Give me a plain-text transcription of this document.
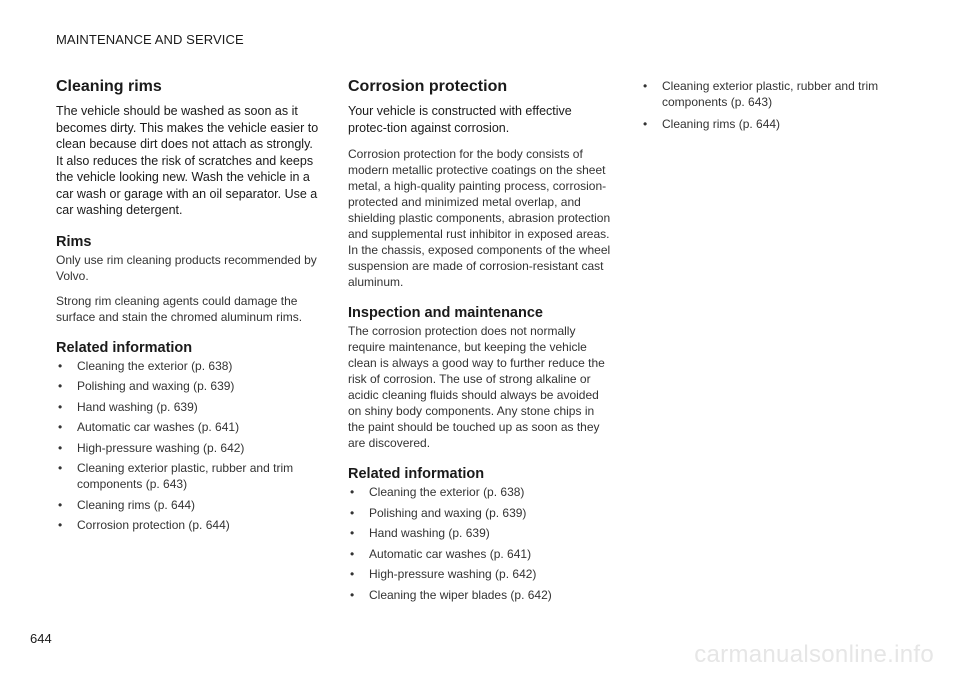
MAINTENANCE AND SERVICE
Cleaning rims

The vehicle should be washed as soon as it becomes dirty. This makes the vehicle easier to clean because dirt does not attach as strongly. It also reduces the risk of scratches and keeps the vehicle looking new. Wash the vehicle in a car wash or garage with an oil separator. Use a car washing detergent.

Rims

Only use rim cleaning products recommended by Volvo.

Strong rim cleaning agents could damage the surface and stain the chromed aluminum rims.

Related information
• Cleaning the exterior (p. 638)
• Polishing and waxing (p. 639)
• Hand washing (p. 639)
• Automatic car washes (p. 641)
• High-pressure washing (p. 642)
• Cleaning exterior plastic, rubber and trim components (p. 643)
• Cleaning rims (p. 644)
• Corrosion protection (p. 644)
Corrosion protection

Your vehicle is constructed with effective protec-tion against corrosion.

Corrosion protection for the body consists of modern metallic protective coatings on the sheet metal, a high-quality painting process, corrosion-protected and minimized metal overlap, and shielding plastic components, abrasion protection and supplemental rust inhibitor in exposed areas. In the chassis, exposed components of the wheel suspension are made of corrosion-resistant cast aluminum.

Inspection and maintenance

The corrosion protection does not normally require maintenance, but keeping the vehicle clean is always a good way to further reduce the risk of corrosion. The use of strong alkaline or acidic cleaning fluids should always be avoided on shiny body components. Any stone chips in the paint should be touched up as soon as they are discovered.

Related information
• Cleaning the exterior (p. 638)
• Polishing and waxing (p. 639)
• Hand washing (p. 639)
• Automatic car washes (p. 641)
• High-pressure washing (p. 642)
• Cleaning the wiper blades (p. 642)
• Cleaning exterior plastic, rubber and trim components (p. 643)
• Cleaning rims (p. 644)
644
carmanualsonline.info
